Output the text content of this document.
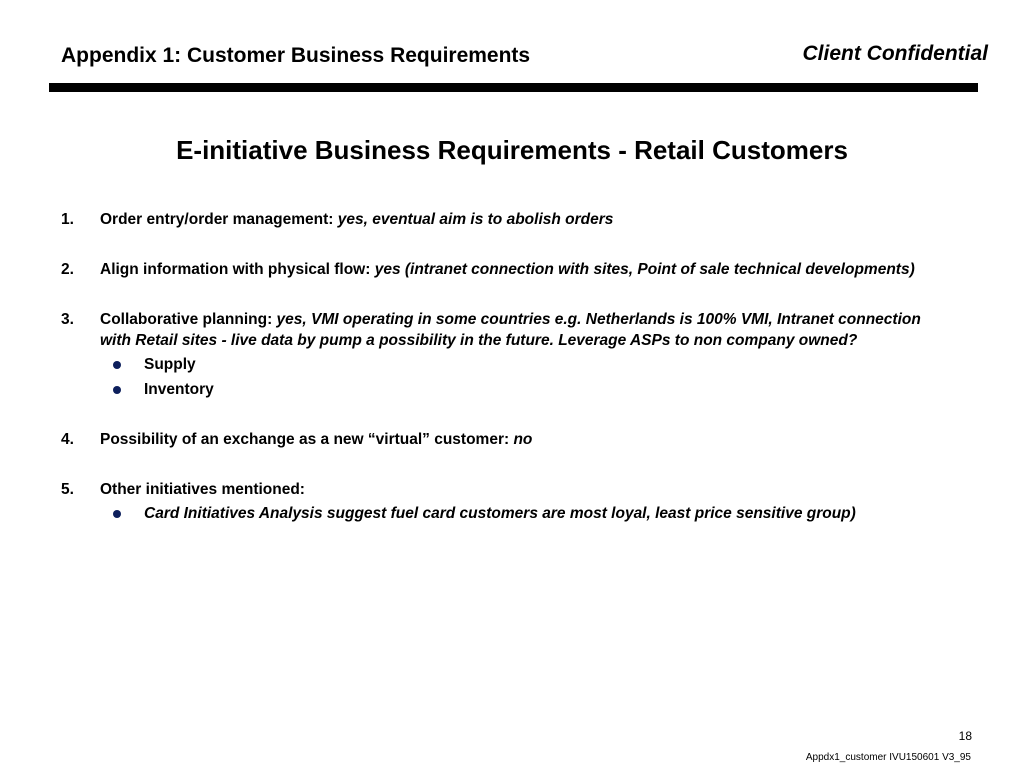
Appendix 1: Customer Business Requirements	Client Confidential
E-initiative Business Requirements - Retail Customers
1.	Order entry/order management: yes, eventual aim is to abolish orders
2.	Align information with physical flow: yes (intranet connection with sites, Point of sale technical developments)
3.	Collaborative planning: yes, VMI operating in some countries e.g. Netherlands is 100% VMI, Intranet connection with Retail sites - live data by pump a possibility in the future. Leverage ASPs to non company owned?
Supply
Inventory
4.	Possibility of an exchange as a new “virtual” customer: no
5.	Other initiatives mentioned:
Card Initiatives Analysis suggest fuel card customers are most loyal, least price sensitive group)
18
Appdx1_customer IVU150601 V3_95
